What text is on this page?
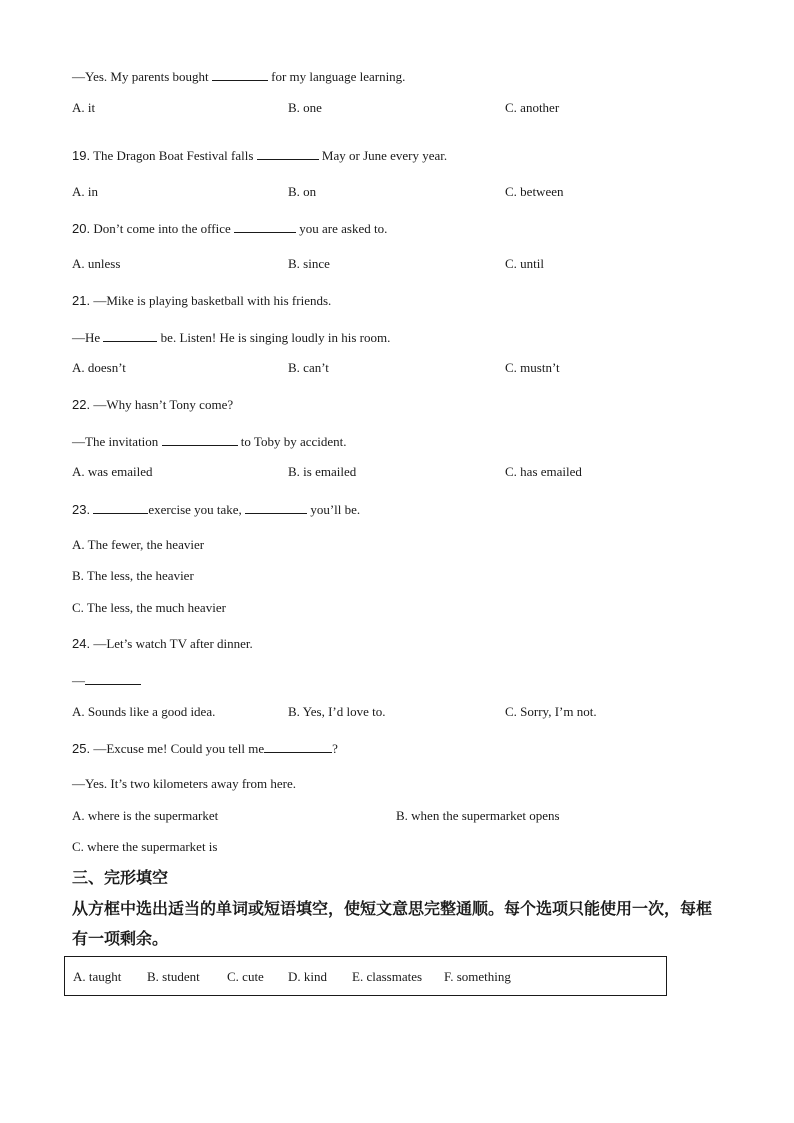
—Yes. My parents bought	for my language learning.
A. it	B. one	C. another
19. The Dragon Boat Festival falls	May or June every year.
A. in	B. on	C. between
20. Don’t come into the office	you are asked to.
A. unless	B. since	C. until
21. —Mike is playing basketball with his friends.
—He	be. Listen! He is singing loudly in his room.
A. doesn’t	B. can’t	C. mustn’t
22. —Why hasn’t Tony come?
—The invitation	to Toby by accident.
A. was emailed	B. is emailed	C. has emailed
23.	exercise you take,	you’ll be.
A. The fewer, the heavier
B. The less, the heavier
C. The less, the much heavier
24. —Let’s watch TV after dinner.
—
A. Sounds like a good idea.	B. Yes, I’d love to.	C. Sorry, I’m not.
25. —Excuse me! Could you tell me	?
—Yes. It’s two kilometers away from here.
A. where is the supermarket	B. when the supermarket opens
C. where the supermarket is
三、完形填空
从方框中选出适当的单词或短语填空，使短文意思完整通顺。每个选项只能使用一次，每框
有一项剩余。
A. taught B. student C. cute D. kind E. classmates F. something
